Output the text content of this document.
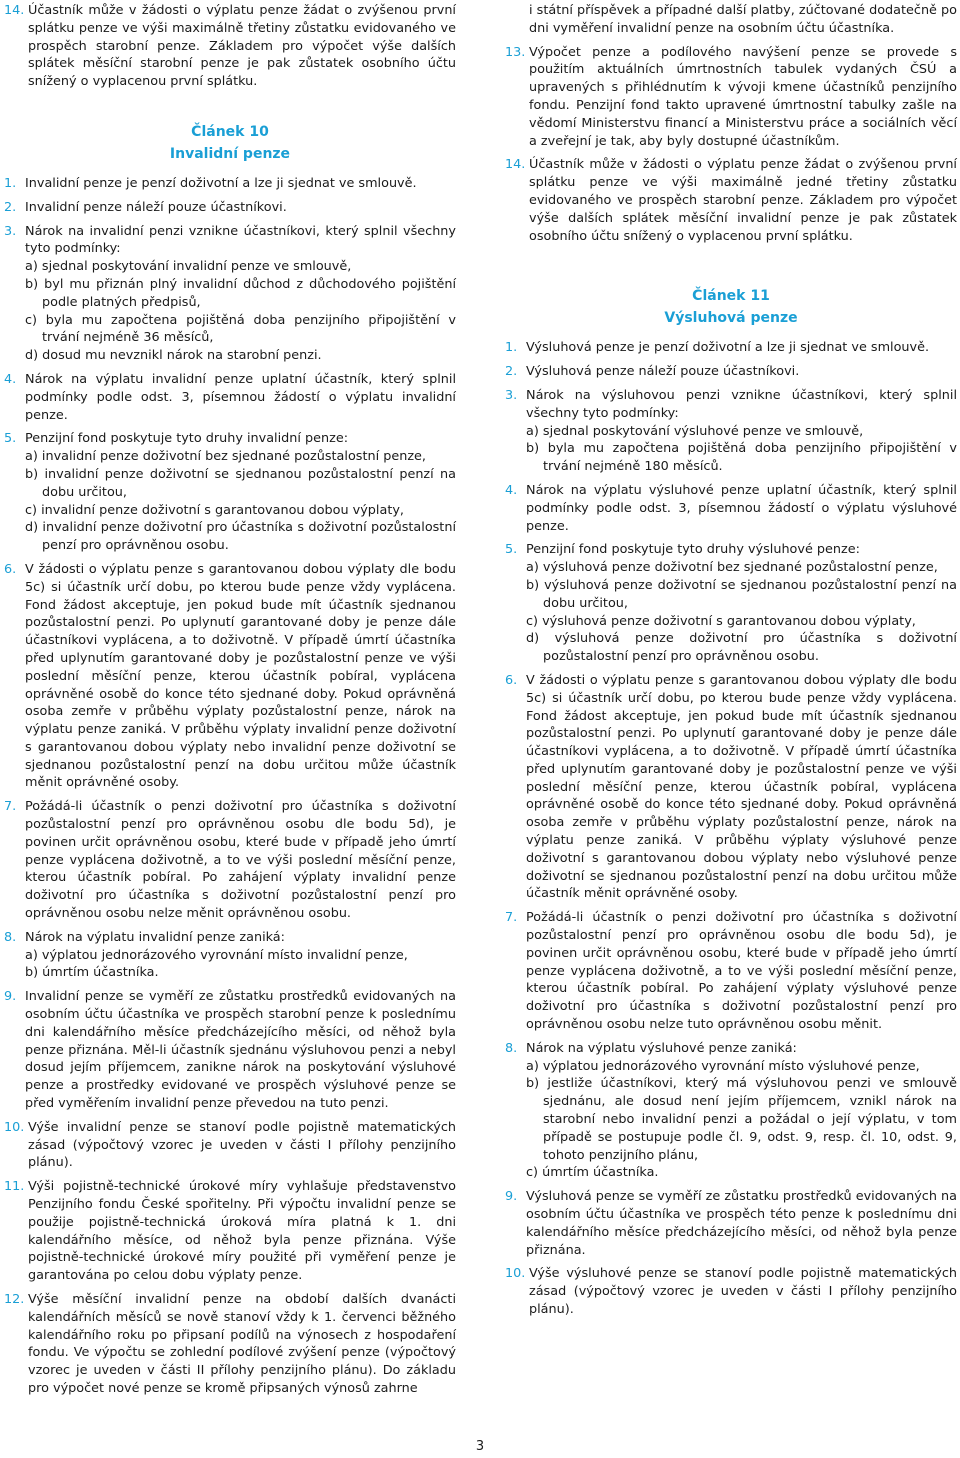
14. Účastník může v žádosti o výplatu penze žádat o zvýšenou první splátku penze ve výši maximálně třetiny zůstatku evidovaného ve prospěch starobní penze. Základem pro výpočet výše dalších splátek měsíční starobní penze je pak zůstatek osobního účtu snížený o vyplacenou první splátku.
Článek 10
Invalidní penze
1. Invalidní penze je penzí doživotní a lze ji sjednat ve smlouvě.
2. Invalidní penze náleží pouze účastníkovi.
3. Nárok na invalidní penzi vznikne účastníkovi, který splnil všechny tyto podmínky:
a) sjednal poskytování invalidní penze ve smlouvě,
b) byl mu přiznán plný invalidní důchod z důchodového pojištění podle platných předpisů,
c) byla mu započtena pojištěná doba penzijního připojištění v trvání nejméně 36 měsíců,
d) dosud mu nevznikl nárok na starobní penzi.
4. Nárok na výplatu invalidní penze uplatní účastník, který splnil podmínky podle odst. 3, písemnou žádostí o výplatu invalidní penze.
5. Penzijní fond poskytuje tyto druhy invalidní penze:
a) invalidní penze doživotní bez sjednané pozůstalostní penze,
b) invalidní penze doživotní se sjednanou pozůstalostní penzí na dobu určitou,
c) invalidní penze doživotní s garantovanou dobou výplaty,
d) invalidní penze doživotní pro účastníka s doživotní pozůstalostní penzí pro oprávněnou osobu.
6. V žádosti o výplatu penze s garantovanou dobou výplaty dle bodu 5c) si účastník určí dobu, po kterou bude penze vždy vyplácena. Fond žádost akceptuje, jen pokud bude mít účastník sjednanou pozůstalostní penzi. Po uplynutí garantované doby je penze dále účastníkovi vyplácena, a to doživotně. V případě úmrtí účastníka před uplynutím garantované doby je pozůstalostní penze ve výši poslední měsíční penze, kterou účastník pobíral, vyplácena oprávněné osobě do konce této sjednané doby. Pokud oprávněná osoba zemře v průběhu výplaty pozůstalostní penze, nárok na výplatu penze zaniká. V průběhu výplaty invalidní penze doživotní s garantovanou dobou výplaty nebo invalidní penze doživotní se sjednanou pozůstalostní penzí na dobu určitou může účastník měnit oprávněné osoby.
7. Požádá-li účastník o penzi doživotní pro účastníka s doživotní pozůstalostní penzí pro oprávněnou osobu dle bodu 5d), je povinen určit oprávněnou osobu, které bude v případě jeho úmrtí penze vyplácena doživotně, a to ve výši poslední měsíční penze, kterou účastník pobíral. Po zahájení výplaty invalidní penze doživotní pro účastníka s doživotní pozůstalostní penzí pro oprávněnou osobu nelze měnit oprávněnou osobu.
8. Nárok na výplatu invalidní penze zaniká:
a) výplatou jednorázového vyrovnání místo invalidní penze,
b) úmrtím účastníka.
9. Invalidní penze se vyměří ze zůstatku prostředků evidovaných na osobním účtu účastníka ve prospěch starobní penze k poslednímu dni kalendářního měsíce předcházejícího měsíci, od něhož byla penze přiznána. Měl-li účastník sjednánu výsluhovou penzi a nebyl dosud jejím příjemcem, zanikne nárok na poskytování výsluhové penze a prostředky evidované ve prospěch výsluhové penze se před vyměřením invalidní penze převedou na tuto penzi.
10. Výše invalidní penze se stanoví podle pojistně matematických zásad (výpočtový vzorec je uveden v části I přílohy penzijního plánu).
11. Výši pojistně-technické úrokové míry vyhlašuje představenstvo Penzijního fondu České spořitelny. Při výpočtu invalidní penze se použije pojistně-technická úroková míra platná k 1. dni kalendářního měsíce, od něhož byla penze přiznána. Výše pojistně-technické úrokové míry použité při vyměření penze je garantována po celou dobu výplaty penze.
12. Výše měsíční invalidní penze na období dalších dvanácti kalendářních měsíců se nově stanoví vždy k 1. červenci běžného kalendářního roku po připsaní podílů na výnosech z hospodaření fondu. Ve výpočtu se zohlední podílové zvýšení penze (výpočtový vzorec je uveden v části II přílohy penzijního plánu). Do základu pro výpočet nové penze se kromě připsaných výnosů zahrne
i státní příspěvek a případné další platby, zúčtované dodatečně po dni vyměření invalidní penze na osobním účtu účastníka.
13. Výpočet penze a podílového navýšení penze se provede s použitím aktuálních úmrtnostních tabulek vydaných ČSÚ a upravených s přihlédnutím k vývoji kmene účastníků penzijního fondu. Penzijní fond takto upravené úmrtnostní tabulky zašle na vědomí Ministerstvu financí a Ministerstvu práce a sociálních věcí a zveřejní je tak, aby byly dostupné účastníkům.
14. Účastník může v žádosti o výplatu penze žádat o zvýšenou první splátku penze ve výši maximálně jedné třetiny zůstatku evidovaného ve prospěch starobní penze. Základem pro výpočet výše dalších splátek měsíční invalidní penze je pak zůstatek osobního účtu snížený o vyplacenou první splátku.
Článek 11
Výsluhová penze
1. Výsluhová penze je penzí doživotní a lze ji sjednat ve smlouvě.
2. Výsluhová penze náleží pouze účastníkovi.
3. Nárok na výsluhovou penzi vznikne účastníkovi, který splnil všechny tyto podmínky:
a) sjednal poskytování výsluhové penze ve smlouvě,
b) byla mu započtena pojištěná doba penzijního připojištění v trvání nejméně 180 měsíců.
4. Nárok na výplatu výsluhové penze uplatní účastník, který splnil podmínky podle odst. 3, písemnou žádostí o výplatu výsluhové penze.
5. Penzijní fond poskytuje tyto druhy výsluhové penze:
a) výsluhová penze doživotní bez sjednané pozůstalostní penze,
b) výsluhová penze doživotní se sjednanou pozůstalostní penzí na dobu určitou,
c) výsluhová penze doživotní s garantovanou dobou výplaty,
d) výsluhová penze doživotní pro účastníka s doživotní pozůstalostní penzí pro oprávněnou osobu.
6. V žádosti o výplatu penze s garantovanou dobou výplaty dle bodu 5c) si účastník určí dobu, po kterou bude penze vždy vyplácena. Fond žádost akceptuje, jen pokud bude mít účastník sjednanou pozůstalostní penzi. Po uplynutí garantované doby je penze dále účastníkovi vyplácena, a to doživotně. V případě úmrtí účastníka před uplynutím garantované doby je pozůstalostní penze ve výši poslední měsíční penze, kterou účastník pobíral, vyplácena oprávněné osobě do konce této sjednané doby. Pokud oprávněná osoba zemře v průběhu výplaty pozůstalostní penze, nárok na výplatu penze zaniká. V průběhu výplaty výsluhové penze doživotní s garantovanou dobou výplaty nebo výsluhové penze doživotní se sjednanou pozůstalostní penzí na dobu určitou může účastník měnit oprávněné osoby.
7. Požádá-li účastník o penzi doživotní pro účastníka s doživotní pozůstalostní penzí pro oprávněnou osobu dle bodu 5d), je povinen určit oprávněnou osobu, které bude v případě jeho úmrtí penze vyplácena doživotně, a to ve výši poslední měsíční penze, kterou účastník pobíral. Po zahájení výplaty výsluhové penze doživotní pro účastníka s doživotní pozůstalostní penzí pro oprávněnou osobu nelze tuto oprávněnou osobu měnit.
8. Nárok na výplatu výsluhové penze zaniká:
a) výplatou jednorázového vyrovnání místo výsluhové penze,
b) jestliže účastníkovi, který má výsluhovou penzi ve smlouvě sjednánu, ale dosud není jejím příjemcem, vznikl nárok na starobní nebo invalidní penzi a požádal o její výplatu, v tom případě se postupuje podle čl. 9, odst. 9, resp. čl. 10, odst. 9, tohoto penzijního plánu,
c) úmrtím účastníka.
9. Výsluhová penze se vyměří ze zůstatku prostředků evidovaných na osobním účtu účastníka ve prospěch této penze k poslednímu dni kalendářního měsíce předcházejícího měsíci, od něhož byla penze přiznána.
10. Výše výsluhové penze se stanoví podle pojistně matematických zásad (výpočtový vzorec je uveden v části I přílohy penzijního plánu).
3
